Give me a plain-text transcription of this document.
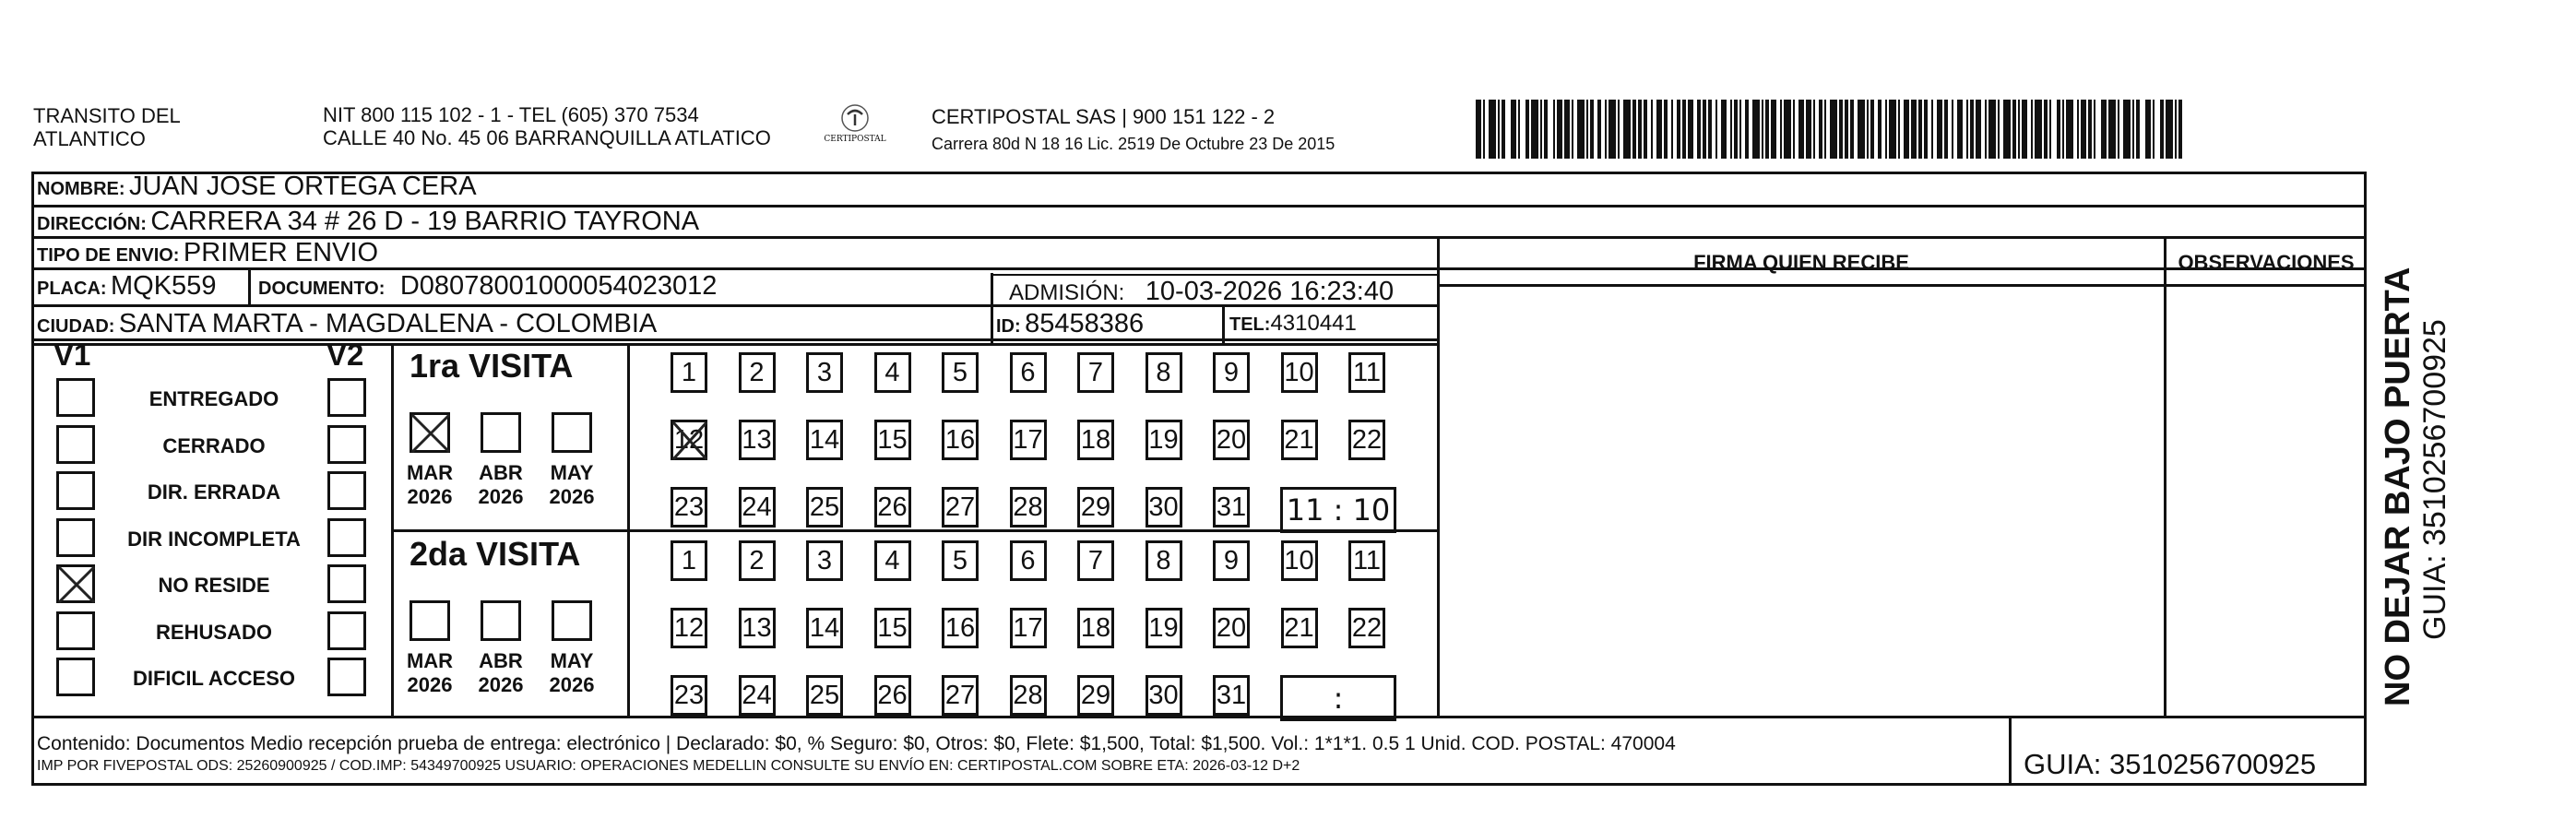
TRANSITO DEL
ATLANTICO
NIT 800 115 102 - 1 - TEL (605) 370 7534
CALLE 40 No. 45 06 BARRANQUILLA ATLATICO	CERTIPOSTAL
CERTIPOSTAL SAS | 900 151 122 - 2
Carrera 80d N 18 16 Lic. 2519 De Octubre 23 De 2015
NOMBRE: JUAN JOSE ORTEGA CERA
DIRECCIÓN: CARRERA 34 # 26 D - 19 BARRIO TAYRONA
TIPO DE ENVIO: PRIMER ENVIO
PLACA: MQK559 DOCUMENTO: D08078001000054023012	ADMISIÓN: 10-03-2026 16:23:40
CIUDAD: SANTA MARTA - MAGDALENA - COLOMBIA	ID: 85458386	TEL:4310441
FIRMA QUIEN RECIBE	OBSERVACIONES
V1	V2 1ra VISITA
MAR
2026
ABR
2026
MAY
2026
1	2	3	4	5	6	7	8	9	10 11
12 13 14 15 16 17 18 19 20 21 22
23 24 25 26 27 28 29 30 31 11 : 10
2da VISITA
MAR
2026
ABR
2026
MAY
2026
1	2	3	4	5	6	7	8	9	10 11
12 13 14 15 16 17 18 19 20 21 22
23 24 25 26 27 28 29 30 31	:
Contenido: Documentos Medio recepción prueba de entrega: electrónico | Declarado: $0, % Seguro: $0, Otros: $0, Flete: $1,500, Total: $1,500. Vol.: 1*1*1. 0.5 1 Unid. COD. POSTAL: 470004
IMP POR FIVEPOSTAL ODS: 25260900925 / COD.IMP: 54349700925 USUARIO: OPERACIONES MEDELLIN CONSULTE SU ENVÍO EN: CERTIPOSTAL.COM SOBRE ETA: 2026-03-12 D+2	GUIA: 3510256700925
NO DEJAR BAJO PUERTA GUIA: 3510256700925
ENTREGADO
CERRADO
DIR. ERRADA
DIR INCOMPLETA
NO RESIDE
REHUSADO
DIFICIL ACCESO
